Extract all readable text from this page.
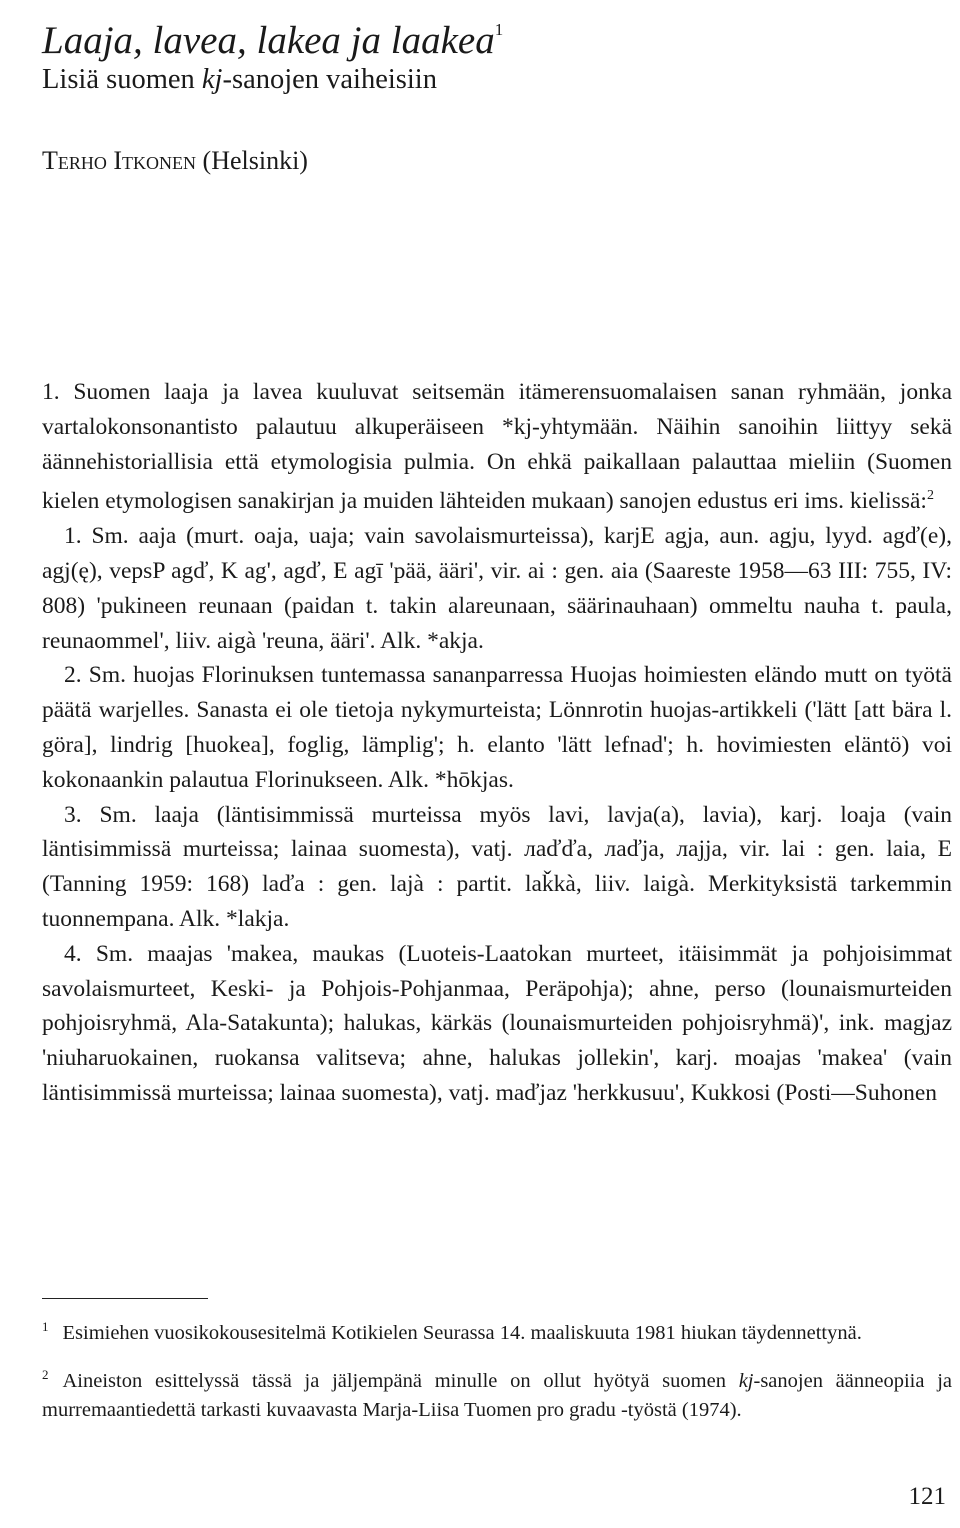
Laaja, lavea, lakea ja laakea$^1$
Lisiä suomen kj-sanojen vaiheisiin
Terho Itkonen (Helsinki)

1. Suomen laaja ja lavea kuuluvat seitsemän itämerensuomalaisen sanan ryhmään, jonka vartalokonsonantisto palautuu alkuperäiseen *kj-yhtymään. Näihin sanoihin liittyy sekä äännehistoriallisia että etymologisia pulmia. On ehkä paikallaan palauttaa mieliin (Suomen kielen etymologisen sanakirjan ja muiden lähteiden mukaan) sanojen edustus eri ims. kielissä:$^2$

1. Sm. aaja (murt. oaja, uaja; vain savolaismurteissa), karjE agja, aun. agju, lyyd. agď(e), agj(ę), vepsP agď, K ag', agď, E agī 'pää, ääri', vir. ai : gen. aia (Saareste 1958—63 III: 755, IV: 808) 'pukineen reunaan (paidan t. takin alareunaan, säärinauhaan) ommeltu nauha t. paula, reunaommel', liiv. aigà 'reuna, ääri'. Alk. *akja.

2. Sm. huojas Florinuksen tuntemassa sananparressa Huojas hoimiesten eländo mutt on työtä päätä warjelles. Sanasta ei ole tietoja nykymurteista; Lönnrotin huojas-artikkeli ('lätt [att bära l. göra], lindrig [huokea], foglig, lämplig'; h. elanto 'lätt lefnad'; h. hovimiesten eläntö) voi kokonaankin palautua Florinukseen. Alk. *hōkjas.

3. Sm. laaja (läntisimmissä murteissa myös lavi, lavja(a), lavia), karj. loaja (vain läntisimmissä murteissa; lainaa suomesta), vatj. лаďďa, лаďja, лajja, vir. lai : gen. laia, E (Tanning 1959: 168) laďa : gen. lajà : partit. laǩkà, liiv. laigà. Merkityksistä tarkemmin tuonnempana. Alk. *lakja.

4. Sm. maajas 'makea, maukas (Luoteis-Laatokan murteet, itäisimmät ja pohjoisimmat savolaismurteet, Keski- ja Pohjois-Pohjanmaa, Peräpohja); ahne, perso (lounaismurteiden pohjoisryhmä, Ala-Satakunta); halukas, kärkäs (lounaismurteiden pohjoisryhmä)', ink. magjaz 'niuharuokainen, ruokansa valitseva; ahne, halukas jollekin', karj. moajas 'makea' (vain läntisimmissä murteissa; lainaa suomesta), vatj. maďjaz 'herkkusuu', Kukkosi (Posti—Suhonen

$^1$ Esimiehen vuosikokousesitelmä Kotikielen Seurassa 14. maaliskuuta 1981 hiukan täydennettynä.

$^2$ Aineiston esittelyssä tässä ja jäljempänä minulle on ollut hyötyä suomen kj-sanojen äänneopiia ja murremaantiedettä tarkasti kuvaavasta Marja-Liisa Tuomen pro gradu -työstä (1974).

121
